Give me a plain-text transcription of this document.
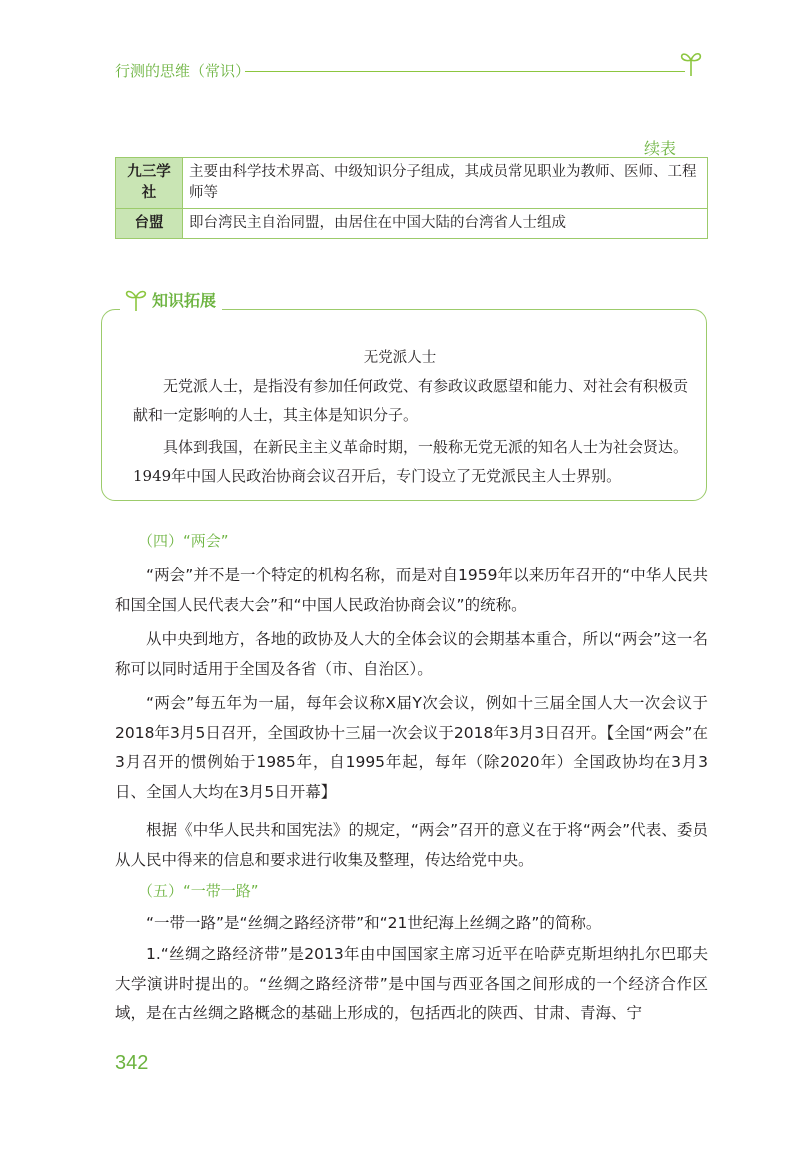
行测的思维（常识）
续表
九三学社	主要由科学技术界高、中级知识分子组成，其成员常见职业为教师、医师、工程师等
台盟	即台湾民主自治同盟，由居住在中国大陆的台湾省人士组成
知识拓展
无党派人士
无党派人士，是指没有参加任何政党、有参政议政愿望和能力、对社会有积极贡献和一定影响的人士，其主体是知识分子。
具体到我国，在新民主主义革命时期，一般称无党无派的知名人士为社会贤达。1949年中国人民政治协商会议召开后，专门设立了无党派民主人士界别。
（四）“两会”
“两会”并不是一个特定的机构名称，而是对自1959年以来历年召开的“中华人民共和国全国人民代表大会”和“中国人民政治协商会议”的统称。
从中央到地方，各地的政协及人大的全体会议的会期基本重合，所以“两会”这一名称可以同时适用于全国及各省（市、自治区）。
“两会”每五年为一届，每年会议称X届Y次会议，例如十三届全国人大一次会议于2018年3月5日召开，全国政协十三届一次会议于2018年3月3日召开。【全国“两会”在3月召开的惯例始于1985年，自1995年起，每年（除2020年）全国政协均在3月3日、全国人大均在3月5日开幕】
根据《中华人民共和国宪法》的规定，“两会”召开的意义在于将“两会”代表、委员从人民中得来的信息和要求进行收集及整理，传达给党中央。
（五）“一带一路”
“一带一路”是“丝绸之路经济带”和“21世纪海上丝绸之路”的简称。
1.“丝绸之路经济带”是2013年由中国国家主席习近平在哈萨克斯坦纳扎尔巴耶夫大学演讲时提出的。“丝绸之路经济带”是中国与西亚各国之间形成的一个经济合作区域，是在古丝绸之路概念的基础上形成的，包括西北的陕西、甘肃、青海、宁
342
